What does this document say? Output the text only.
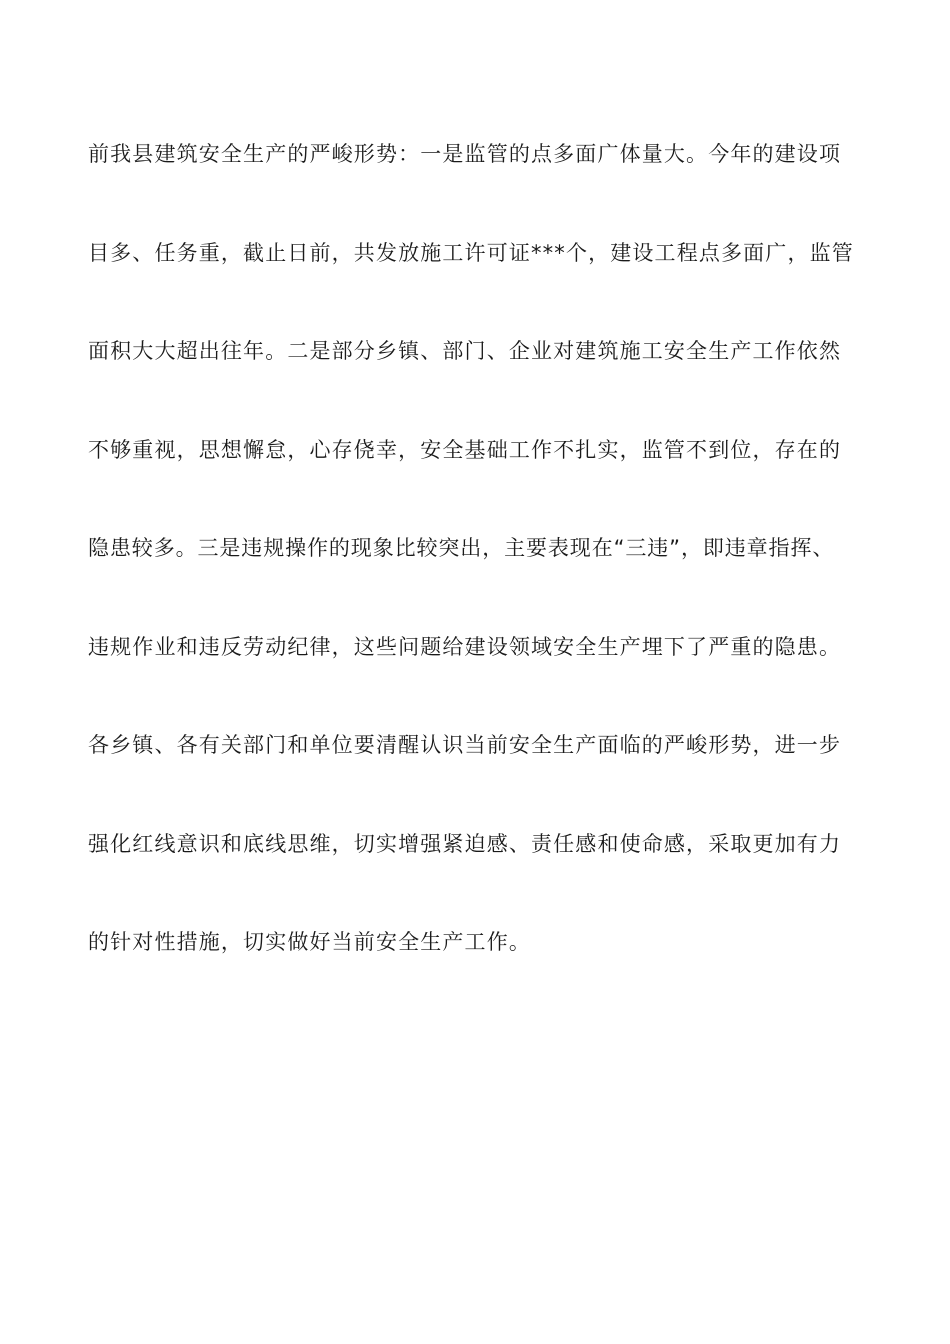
前我县建筑安全生产的严峻形势：一是监管的点多面广体量大。今年的建设项
目多、任务重，截止日前，共发放施工许可证***个，建设工程点多面广，监管
面积大大超出往年。二是部分乡镇、部门、企业对建筑施工安全生产工作依然
不够重视，思想懈怠，心存侥幸，安全基础工作不扎实，监管不到位，存在的
隐患较多。三是违规操作的现象比较突出，主要表现在“三违”，即违章指挥、
违规作业和违反劳动纪律，这些问题给建设领域安全生产埋下了严重的隐患。
各乡镇、各有关部门和单位要清醒认识当前安全生产面临的严峻形势，进一步
强化红线意识和底线思维，切实增强紧迫感、责任感和使命感，采取更加有力
的针对性措施，切实做好当前安全生产工作。
